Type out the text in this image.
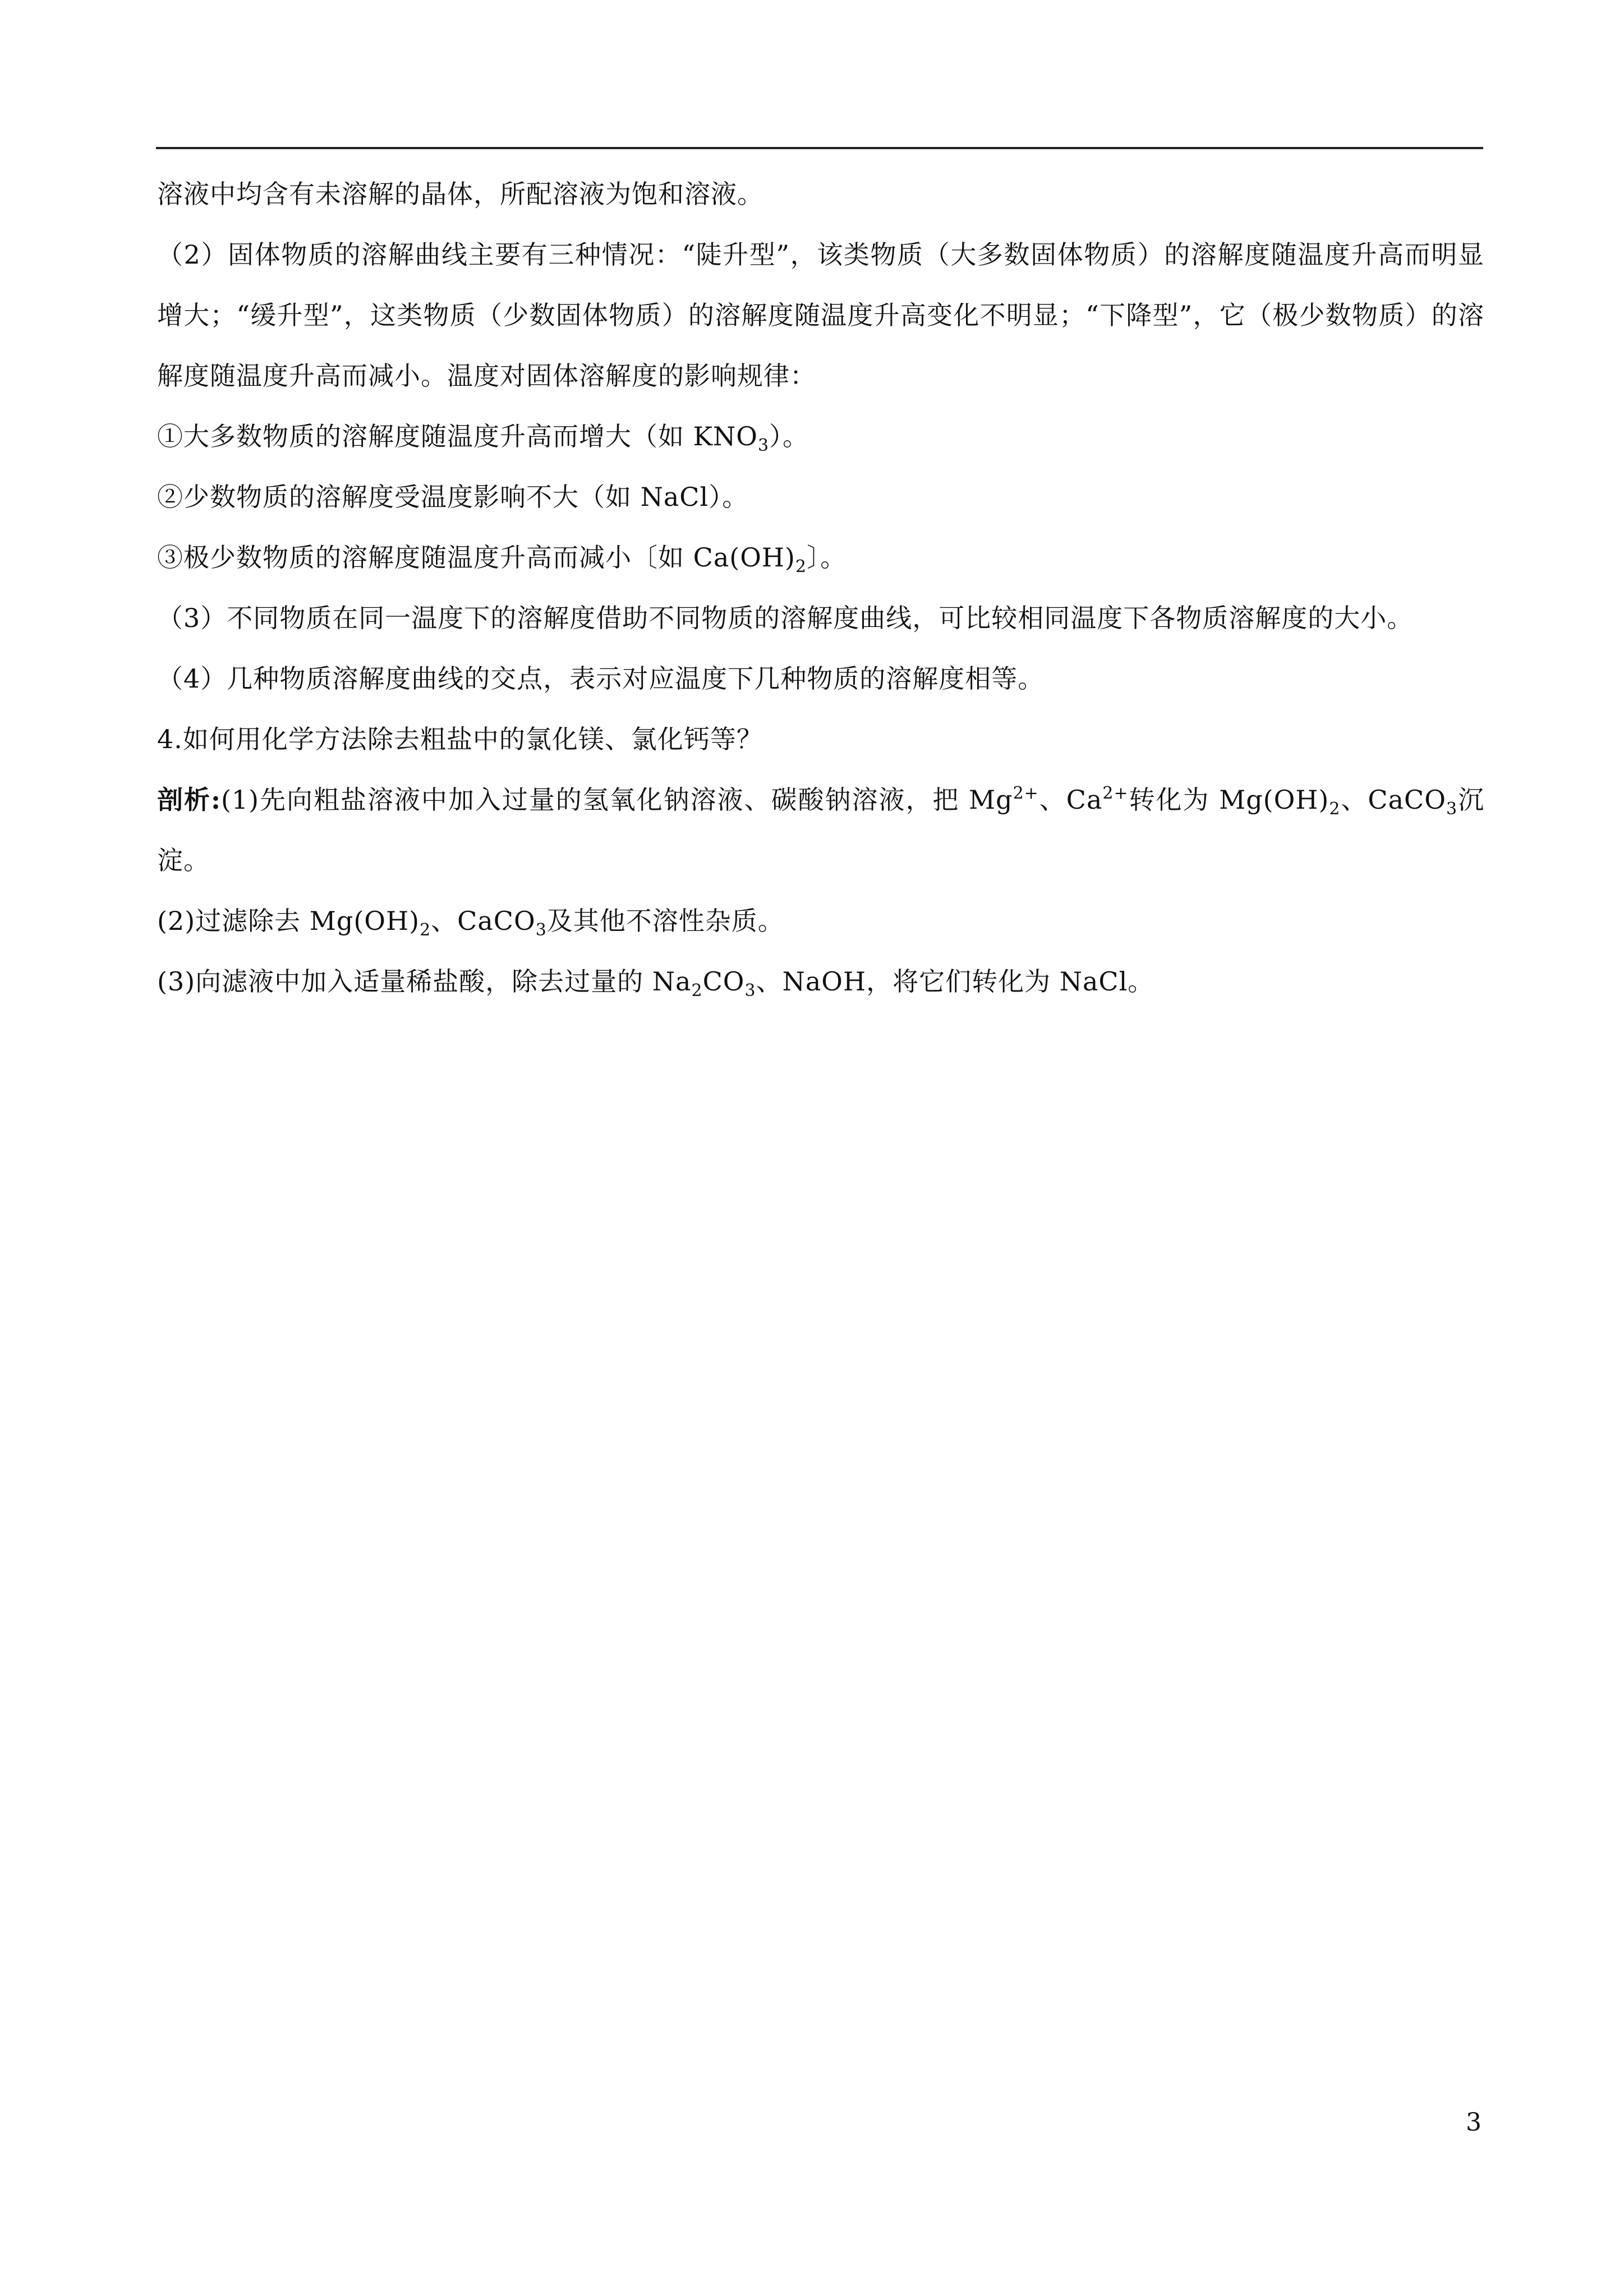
溶液中均含有未溶解的晶体，所配溶液为饱和溶液。

（2）固体物质的溶解曲线主要有三种情况：“陡升型”，该类物质（大多数固体物质）的溶解度随温度升高而明显增大；“缓升型”，这类物质（少数固体物质）的溶解度随温度升高变化不明显；“下降型”，它（极少数物质）的溶解度随温度升高而减小。温度对固体溶解度的影响规律：

①大多数物质的溶解度随温度升高而增大（如 $KNO_3$）。

②少数物质的溶解度受温度影响不大（如 NaCl）。

③极少数物质的溶解度随温度升高而减小〔如 $Ca(OH)_2$〕。

（3）不同物质在同一温度下的溶解度借助不同物质的溶解度曲线，可比较相同温度下各物质溶解度的大小。

（4）几种物质溶解度曲线的交点，表示对应温度下几种物质的溶解度相等。

4.如何用化学方法除去粗盐中的氯化镁、氯化钙等？

剖析:(1)先向粗盐溶液中加入过量的氢氧化钠溶液、碳酸钠溶液，把 $Mg^{2+}$、$Ca^{2+}$转化为 $Mg(OH)_2$、CaCO$_3$沉淀。

(2)过滤除去 $Mg(OH)_2$、CaCO$_3$及其他不溶性杂质。

(3)向滤液中加入适量稀盐酸，除去过量的 $Na_2CO_3$、NaOH，将它们转化为 NaCl。

3
